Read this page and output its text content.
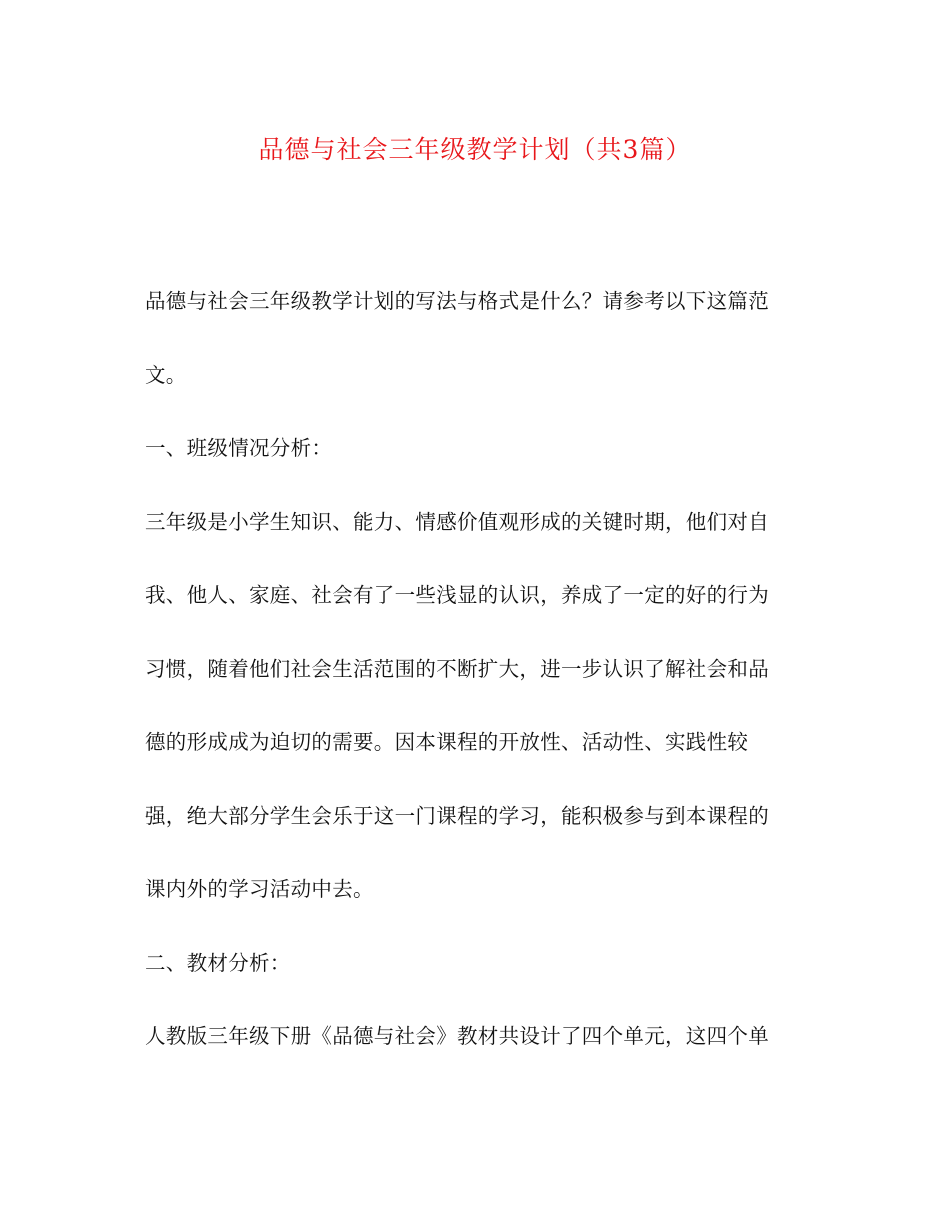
品德与社会三年级教学计划（共3篇）
品德与社会三年级教学计划的写法与格式是什么？请参考以下这篇范
文。
一、班级情况分析：
三年级是小学生知识、能力、情感价值观形成的关键时期，他们对自
我、他人、家庭、社会有了一些浅显的认识，养成了一定的好的行为
习惯，随着他们社会生活范围的不断扩大，进一步认识了解社会和品
德的形成成为迫切的需要。因本课程的开放性、活动性、实践性较
强，绝大部分学生会乐于这一门课程的学习，能积极参与到本课程的
课内外的学习活动中去。
二、教材分析：
人教版三年级下册《品德与社会》教材共设计了四个单元，这四个单
